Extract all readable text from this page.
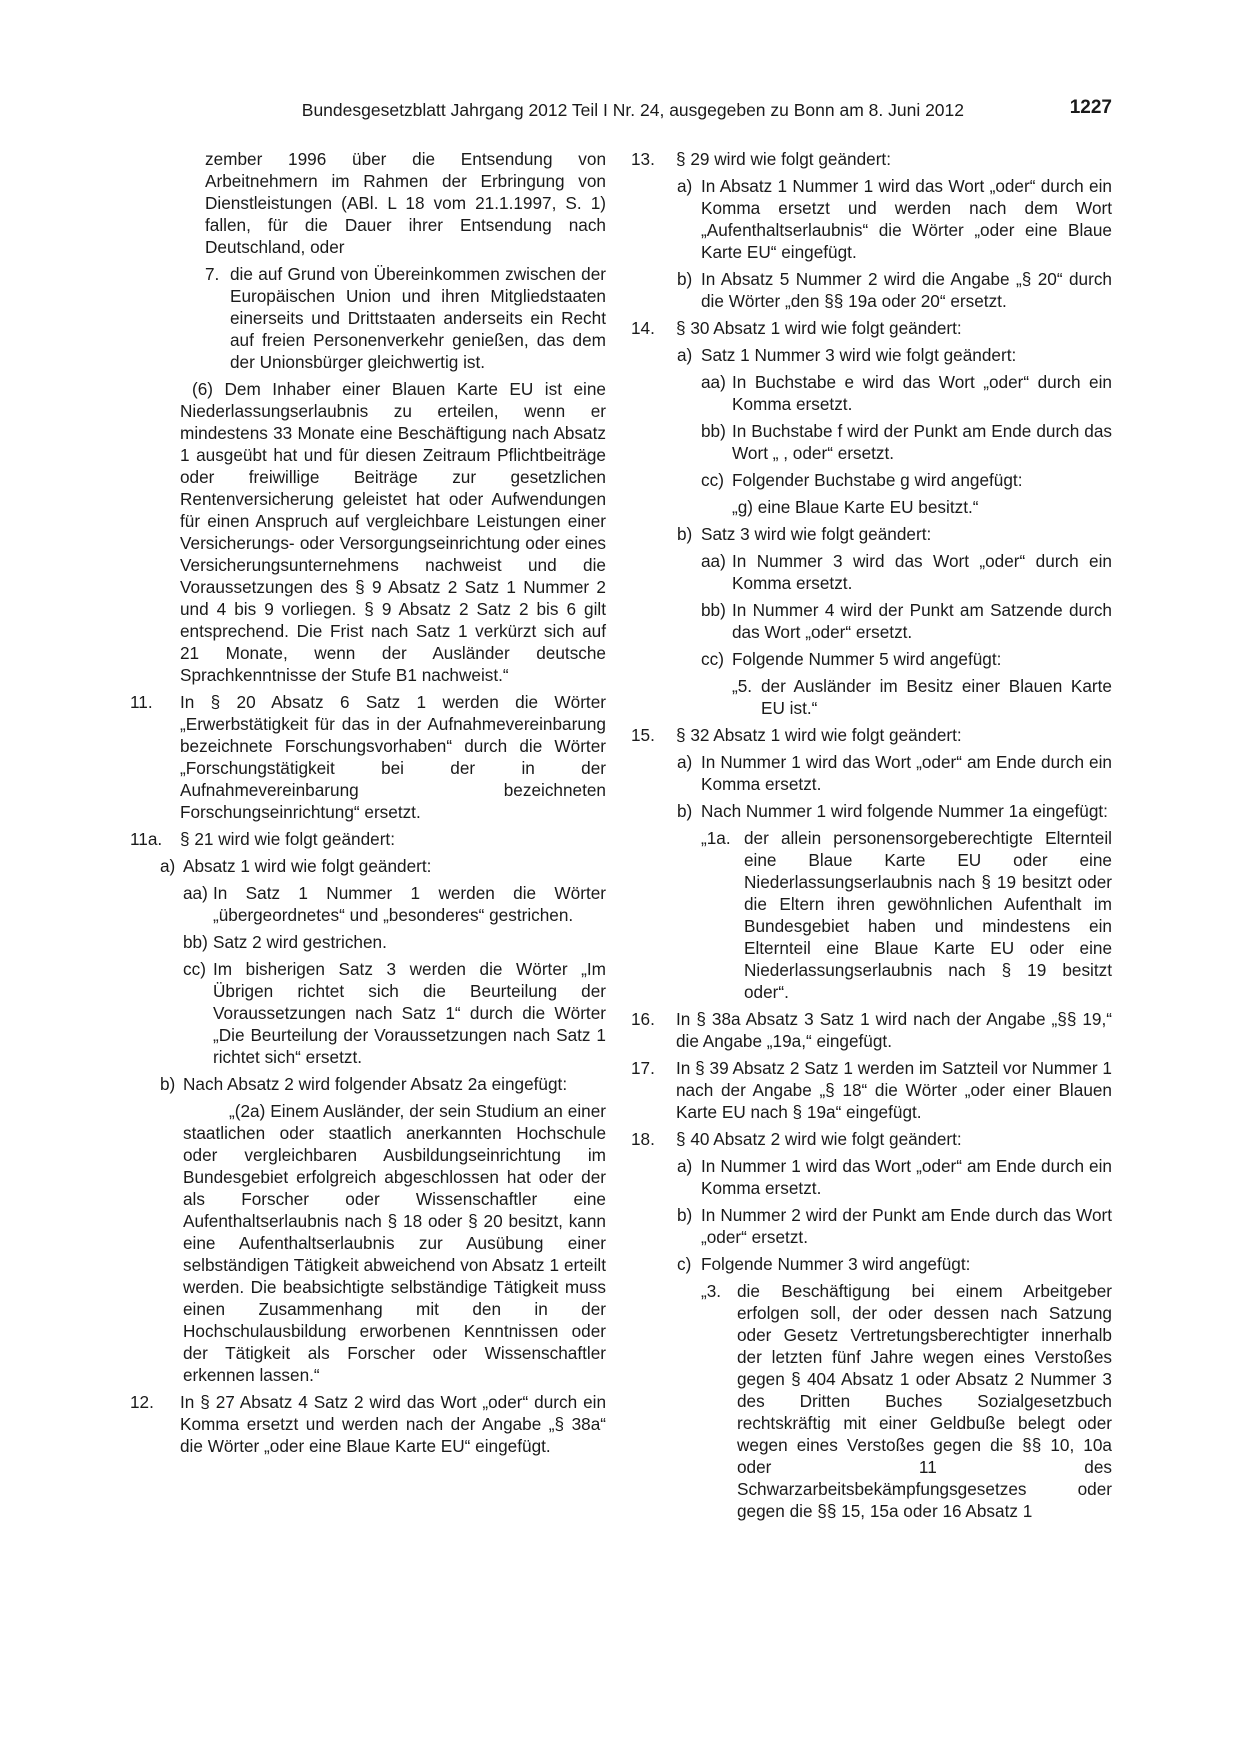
Bundesgesetzblatt Jahrgang 2012 Teil I Nr. 24, ausgegeben zu Bonn am 8. Juni 2012	1227

zember 1996 über die Entsendung von Arbeitnehmern im Rahmen der Erbringung von Dienstleistungen (ABl. L 18 vom 21.1.1997, S. 1) fallen, für die Dauer ihrer Entsendung nach Deutschland, oder

7. die auf Grund von Übereinkommen zwischen der Europäischen Union und ihren Mitgliedstaaten einerseits und Drittstaaten anderseits ein Recht auf freien Personenverkehr genießen, das dem der Unionsbürger gleichwertig ist.

(6) Dem Inhaber einer Blauen Karte EU ist eine Niederlassungserlaubnis zu erteilen, wenn er mindestens 33 Monate eine Beschäftigung nach Absatz 1 ausgeübt hat und für diesen Zeitraum Pflichtbeiträge oder freiwillige Beiträge zur gesetzlichen Rentenversicherung geleistet hat oder Aufwendungen für einen Anspruch auf vergleichbare Leistungen einer Versicherungs- oder Versorgungseinrichtung oder eines Versicherungsunternehmens nachweist und die Voraussetzungen des § 9 Absatz 2 Satz 1 Nummer 2 und 4 bis 9 vorliegen. § 9 Absatz 2 Satz 2 bis 6 gilt entsprechend. Die Frist nach Satz 1 verkürzt sich auf 21 Monate, wenn der Ausländer deutsche Sprachkenntnisse der Stufe B1 nachweist.“

11. In § 20 Absatz 6 Satz 1 werden die Wörter „Erwerbstätigkeit für das in der Aufnahmevereinbarung bezeichnete Forschungsvorhaben“ durch die Wörter „Forschungstätigkeit bei der in der Aufnahmevereinbarung bezeichneten Forschungseinrichtung“ ersetzt.

11a. § 21 wird wie folgt geändert:

a) Absatz 1 wird wie folgt geändert:

aa) In Satz 1 Nummer 1 werden die Wörter „übergeordnetes“ und „besonderes“ gestrichen.

bb) Satz 2 wird gestrichen.

cc) Im bisherigen Satz 3 werden die Wörter „Im Übrigen richtet sich die Beurteilung der Voraussetzungen nach Satz 1“ durch die Wörter „Die Beurteilung der Voraussetzungen nach Satz 1 richtet sich“ ersetzt.

b) Nach Absatz 2 wird folgender Absatz 2a eingefügt:

„(2a) Einem Ausländer, der sein Studium an einer staatlichen oder staatlich anerkannten Hochschule oder vergleichbaren Ausbildungseinrichtung im Bundesgebiet erfolgreich abgeschlossen hat oder der als Forscher oder Wissenschaftler eine Aufenthaltserlaubnis nach § 18 oder § 20 besitzt, kann eine Aufenthaltserlaubnis zur Ausübung einer selbständigen Tätigkeit abweichend von Absatz 1 erteilt werden. Die beabsichtigte selbständige Tätigkeit muss einen Zusammenhang mit den in der Hochschulausbildung erworbenen Kenntnissen oder der Tätigkeit als Forscher oder Wissenschaftler erkennen lassen.“

12. In § 27 Absatz 4 Satz 2 wird das Wort „oder“ durch ein Komma ersetzt und werden nach der Angabe „§ 38a“ die Wörter „oder eine Blaue Karte EU“ eingefügt.

13. § 29 wird wie folgt geändert:

a) In Absatz 1 Nummer 1 wird das Wort „oder“ durch ein Komma ersetzt und werden nach dem Wort „Aufenthaltserlaubnis“ die Wörter „oder eine Blaue Karte EU“ eingefügt.

b) In Absatz 5 Nummer 2 wird die Angabe „§ 20“ durch die Wörter „den §§ 19a oder 20“ ersetzt.

14. § 30 Absatz 1 wird wie folgt geändert:

a) Satz 1 Nummer 3 wird wie folgt geändert:

aa) In Buchstabe e wird das Wort „oder“ durch ein Komma ersetzt.

bb) In Buchstabe f wird der Punkt am Ende durch das Wort „ , oder“ ersetzt.

cc) Folgender Buchstabe g wird angefügt:

„g) eine Blaue Karte EU besitzt.“

b) Satz 3 wird wie folgt geändert:

aa) In Nummer 3 wird das Wort „oder“ durch ein Komma ersetzt.

bb) In Nummer 4 wird der Punkt am Satzende durch das Wort „oder“ ersetzt.

cc) Folgende Nummer 5 wird angefügt:

„5. der Ausländer im Besitz einer Blauen Karte EU ist.“

15. § 32 Absatz 1 wird wie folgt geändert:

a) In Nummer 1 wird das Wort „oder“ am Ende durch ein Komma ersetzt.

b) Nach Nummer 1 wird folgende Nummer 1a eingefügt:

„1a. der allein personensorgeberechtigte Elternteil eine Blaue Karte EU oder eine Niederlassungserlaubnis nach § 19 besitzt oder die Eltern ihren gewöhnlichen Aufenthalt im Bundesgebiet haben und mindestens ein Elternteil eine Blaue Karte EU oder eine Niederlassungserlaubnis nach § 19 besitzt oder“.

16. In § 38a Absatz 3 Satz 1 wird nach der Angabe „§§ 19,“ die Angabe „19a,“ eingefügt.

17. In § 39 Absatz 2 Satz 1 werden im Satzteil vor Nummer 1 nach der Angabe „§ 18“ die Wörter „oder einer Blauen Karte EU nach § 19a“ eingefügt.

18. § 40 Absatz 2 wird wie folgt geändert:

a) In Nummer 1 wird das Wort „oder“ am Ende durch ein Komma ersetzt.

b) In Nummer 2 wird der Punkt am Ende durch das Wort „oder“ ersetzt.

c) Folgende Nummer 3 wird angefügt:

„3. die Beschäftigung bei einem Arbeitgeber erfolgen soll, der oder dessen nach Satzung oder Gesetz Vertretungsberechtigter innerhalb der letzten fünf Jahre wegen eines Verstoßes gegen § 404 Absatz 1 oder Absatz 2 Nummer 3 des Dritten Buches Sozialgesetzbuch rechtskräftig mit einer Geldbuße belegt oder wegen eines Verstoßes gegen die §§ 10, 10a oder 11 des Schwarzarbeitsbekämpfungsgesetzes oder gegen die §§ 15, 15a oder 16 Absatz 1
